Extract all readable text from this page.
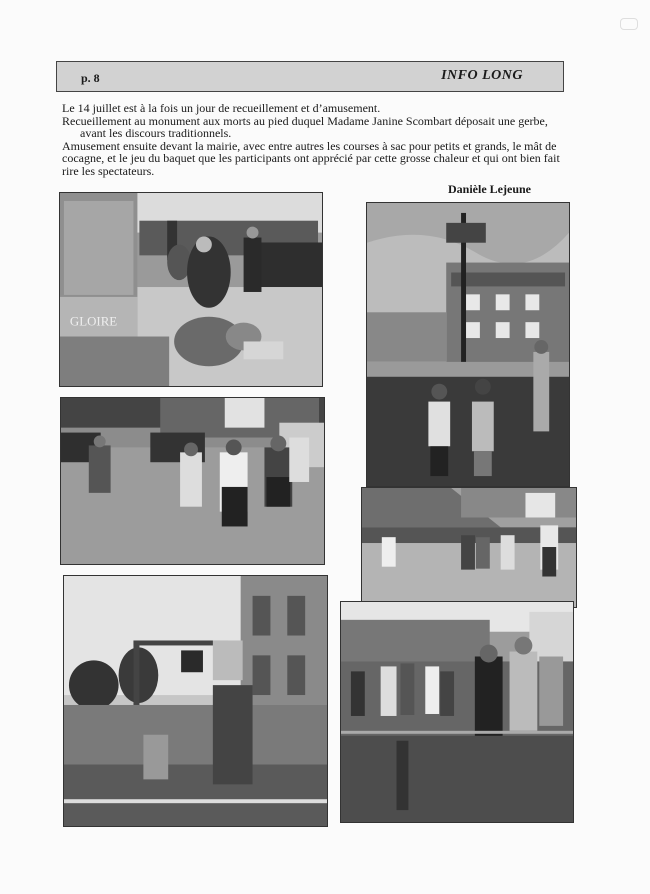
p. 8	INFO LONG

Le 14 juillet est à la fois un jour de recueillement et d’amusement.

Recueillement au monument aux morts au pied duquel Madame Janine Scombart déposait une gerbe,

avant les discours traditionnels.

Amusement ensuite devant la mairie, avec entre autres les courses à sac pour petits et grands, le mât de cocagne, et le jeu du baquet que les participants ont apprécié par cette grosse chaleur et qui ont bien fait rire les spectateurs.

Danièle Lejeune
GLOIRE
